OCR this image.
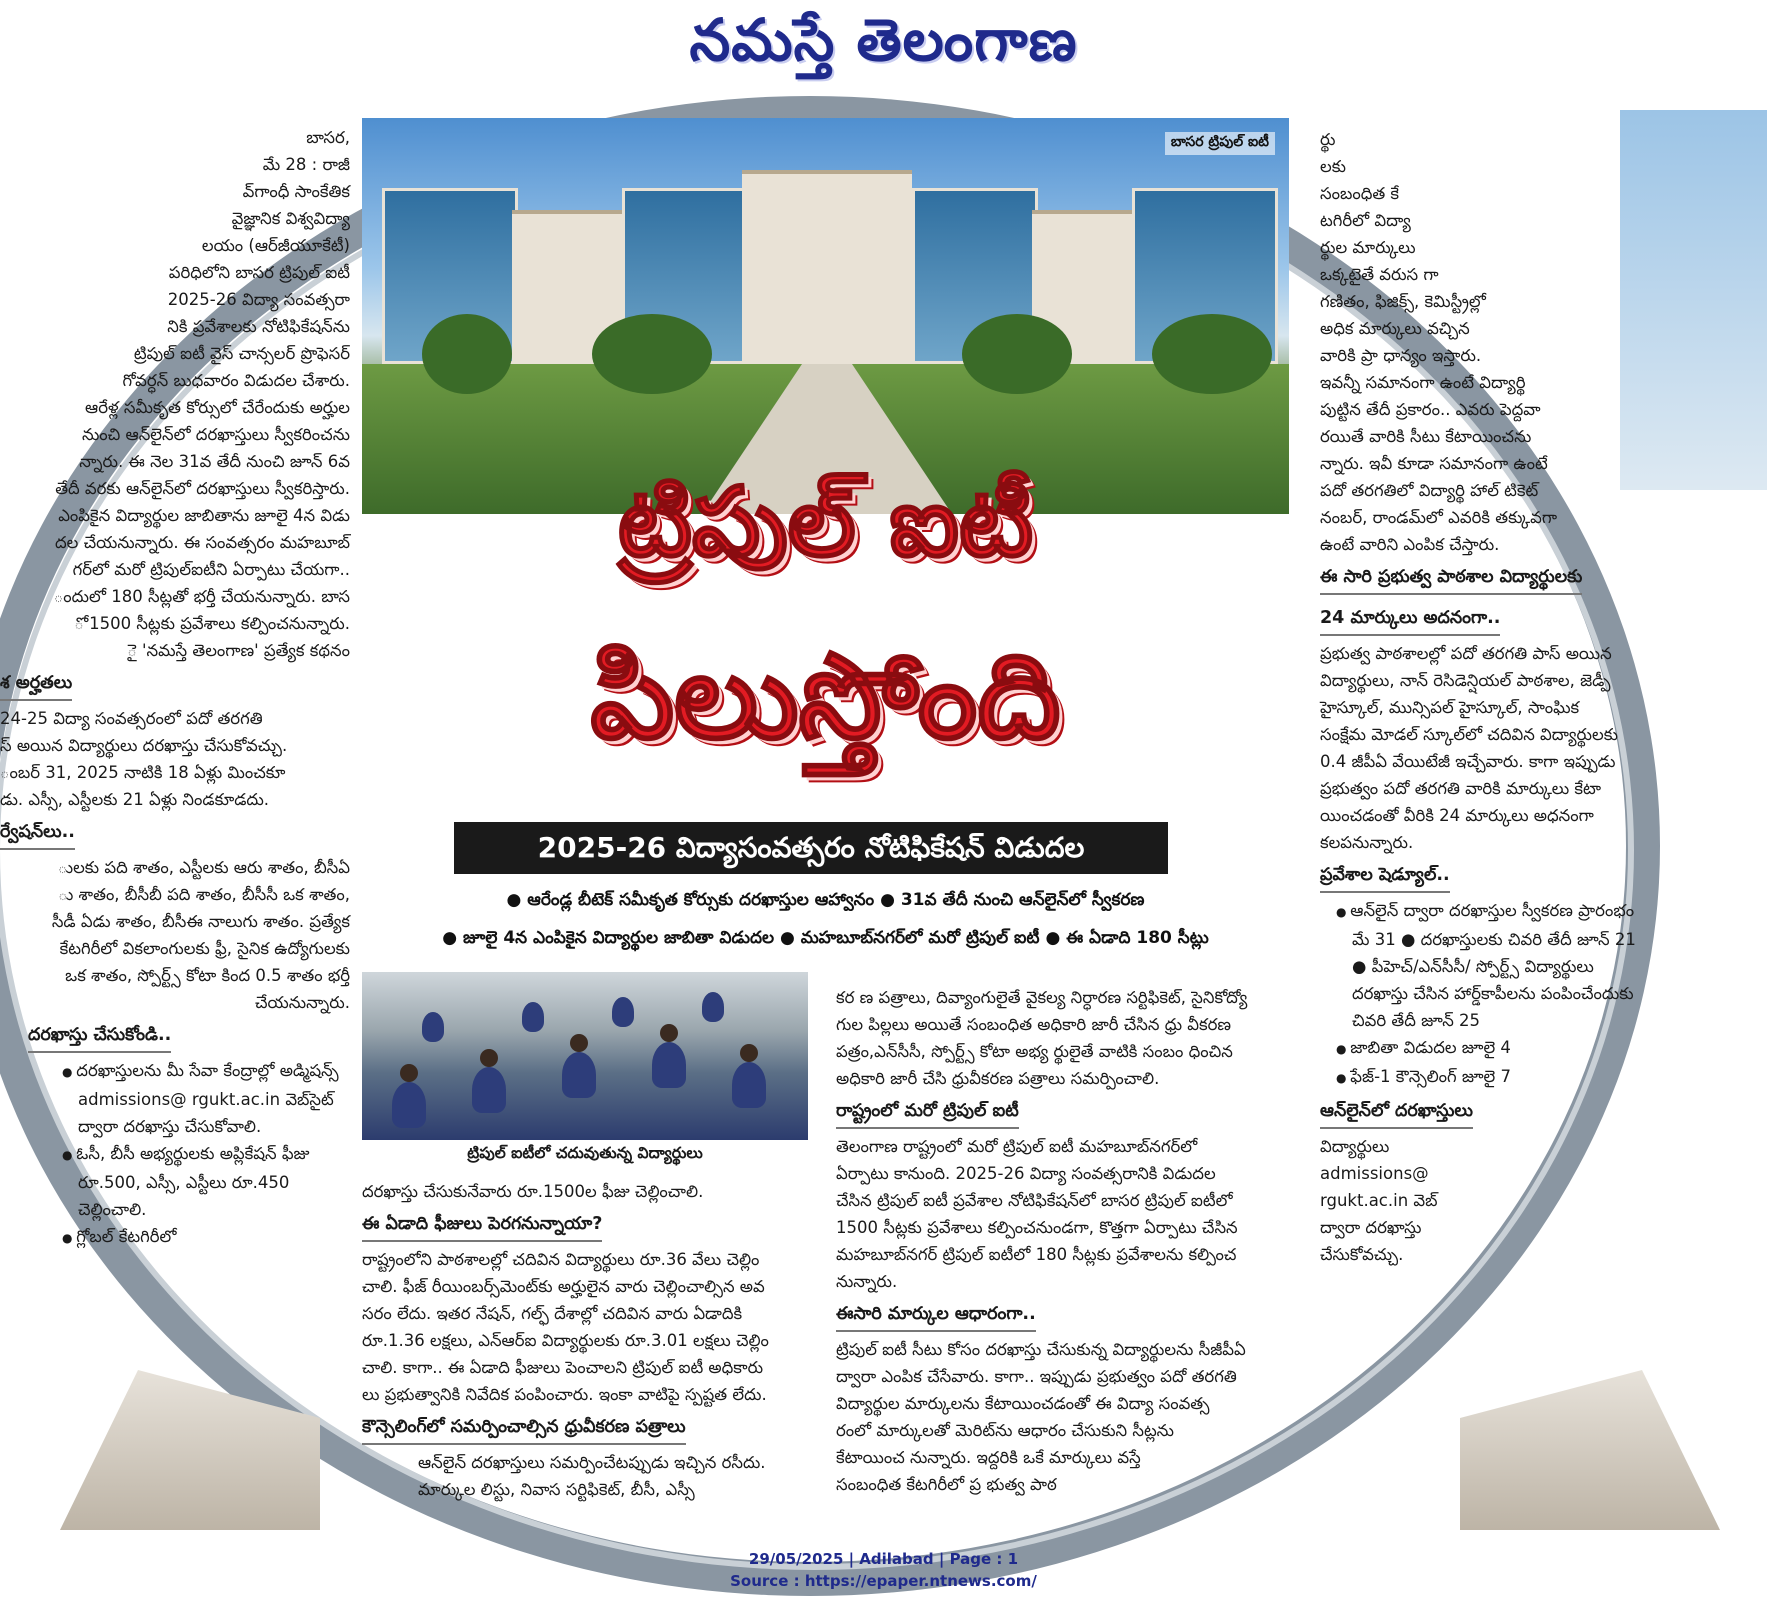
నమస్తే తెలంగాణ
బాసర ట్రిపుల్ ఐటీ
ట్రిపుల్ ఐటీ
పిలుస్తోంది
2025-26 విద్యాసంవత్సరం నోటిఫికేషన్ విడుదల
● ఆరేండ్ల బీటెక్ సమీకృత కోర్సుకు దరఖాస్తుల ఆహ్వానం ● 31వ తేదీ నుంచి ఆన్‌లైన్‌లో స్వీకరణ
● జూలై 4న ఎంపికైన విద్యార్థుల జాబితా విడుదల ● మహబూబ్‌నగర్‌లో మరో ట్రిపుల్ ఐటీ ● ఈ ఏడాది 180 సీట్లు

బాసర,

మే 28 : రాజీ

వ్‌గాంధీ సాంకేతిక

వైజ్ఞానిక విశ్వవిద్యా

లయం (ఆర్‌జీయూకేటీ)

పరిధిలోని బాసర ట్రిపుల్ ఐటీ

2025-26 విద్యా సంవత్సరా

నికి ప్రవేశాలకు నోటిఫికేషన్‌ను

ట్రిపుల్ ఐటీ వైస్ చాన్సలర్ ప్రొఫెసర్

గోవర్ధన్ బుధవారం విడుదల చేశారు.

ఆరేళ్ల సమీకృత కోర్సులో చేరేందుకు అర్హుల

నుంచి ఆన్‌లైన్‌లో దరఖాస్తులు స్వీకరించను

న్నారు. ఈ నెల 31వ తేదీ నుంచి జూన్ 6వ

తేదీ వరకు ఆన్‌లైన్‌లో దరఖాస్తులు స్వీకరిస్తారు.

ఎంపికైన విద్యార్థుల జాబితాను జూలై 4న విడు

దల చేయనున్నారు. ఈ సంవత్సరం మహబూబ్

గర్‌లో మరో ట్రిపుల్‌ఐటీని ఏర్పాటు చేయగా..

ందులో 180 సీట్లతో భర్తీ చేయనున్నారు. బాస

ో 1500 సీట్లకు ప్రవేశాలు కల్పించనున్నారు.

ై 'నమస్తే తెలంగాణ' ప్రత్యేక కథనం

శ అర్హతలు

24-25 విద్యా సంవత్సరంలో పదో తరగతి

స్ అయిన విద్యార్థులు దరఖాస్తు చేసుకోవచ్చు.

ంబర్ 31, 2025 నాటికి 18 ఏళ్లు మించకూ

డు. ఎస్సీ, ఎస్టీలకు 21 ఏళ్లు నిండకూడదు.

ర్వేషన్‌లు..

ులకు పది శాతం, ఎస్టీలకు ఆరు శాతం, బీసీఏ

ు శాతం, బీసీబీ పది శాతం, బీసీసీ ఒక శాతం,

సీడీ ఏడు శాతం, బీసీఈ నాలుగు శాతం. ప్రత్యేక

కేటగిరీలో వికలాంగులకు ఫ్రీ, సైనిక ఉద్యోగులకు

ఒక శాతం, స్పోర్ట్స్ కోటా కింద 0.5 శాతం భర్తీ

చేయనున్నారు.

దరఖాస్తు చేసుకోండి..

● దరఖాస్తులను మీ సేవా కేంద్రాల్లో అడ్మిషన్స్ admissions@ rgukt.ac.in వెబ్‌సైట్ ద్వారా దరఖాస్తు చేసుకోవాలి.

● ఓసీ, బీసీ అభ్యర్థులకు అప్లికేషన్ ఫీజు రూ.500, ఎస్సీ, ఎస్టీలు రూ.450 చెల్లించాలి.

● గ్లోబల్ కేటగిరీలో

ట్రిపుల్ ఐటీలో చదువుతున్న విద్యార్థులు

దరఖాస్తు చేసుకునేవారు రూ.1500ల ఫీజు చెల్లించాలి.

ఈ ఏడాది ఫీజులు పెరగనున్నాయా?

రాష్ట్రంలోని పాఠశాలల్లో చదివిన విద్యార్థులు రూ.36 వేలు చెల్లిం

చాలి. ఫీజ్ రీయింబర్స్‌మెంట్‌కు అర్హులైన వారు చెల్లించాల్సిన అవ

సరం లేదు. ఇతర నేషన్, గల్ఫ్ దేశాల్లో చదివిన వారు ఏడాదికి

రూ.1.36 లక్షలు, ఎన్‌ఆర్‌ఐ విద్యార్థులకు రూ.3.01 లక్షలు చెల్లిం

చాలి. కాగా.. ఈ ఏడాది ఫీజులు పెంచాలని ట్రిపుల్ ఐటీ అధికారు

లు ప్రభుత్వానికి నివేదిక పంపించారు. ఇంకా వాటిపై స్పష్టత లేదు.

కౌన్సెలింగ్‌లో సమర్పించాల్సిన ధ్రువీకరణ పత్రాలు

ఆన్‌లైన్ దరఖాస్తులు సమర్పించేటప్పుడు ఇచ్చిన రసీదు.

మార్కుల లిస్టు, నివాస సర్టిఫికెట్, బీసీ, ఎస్సీ

కర ణ పత్రాలు, దివ్యాంగులైతే వైకల్య నిర్ధారణ సర్టిఫికెట్, సైనికోద్యో

గుల పిల్లలు అయితే సంబంధిత అధికారి జారీ చేసిన ధ్రు వీకరణ

పత్రం,ఎన్‌సీసీ, స్పోర్ట్స్ కోటా అభ్య ర్థులైతే వాటికి సంబం ధించిన

అధికారి జారీ చేసి ధ్రువీకరణ పత్రాలు సమర్పించాలి.

రాష్ట్రంలో మరో ట్రిపుల్ ఐటీ

తెలంగాణ రాష్ట్రంలో మరో ట్రిపుల్ ఐటీ మహబూబ్‌నగర్‌లో

ఏర్పాటు కానుంది. 2025-26 విద్యా సంవత్సరానికి విడుదల

చేసిన ట్రిపుల్ ఐటీ ప్రవేశాల నోటిఫికేషన్‌లో బాసర ట్రిపుల్ ఐటీలో

1500 సీట్లకు ప్రవేశాలు కల్పించనుండగా, కొత్తగా ఏర్పాటు చేసిన

మహబూబ్‌నగర్ ట్రిపుల్ ఐటీలో 180 సీట్లకు ప్రవేశాలను కల్పించ

నున్నారు.

ఈసారి మార్కుల ఆధారంగా..

ట్రిపుల్ ఐటీ సీటు కోసం దరఖాస్తు చేసుకున్న విద్యార్థులను సీజీపీఏ

ద్వారా ఎంపిక చేసేవారు. కాగా.. ఇప్పుడు ప్రభుత్వం పదో తరగతి

విద్యార్థుల మార్కులను కేటాయించడంతో ఈ విద్యా సంవత్స

రంలో మార్కులతో మెరిట్‌ను ఆధారం చేసుకుని సీట్లను

కేటాయించ నున్నారు. ఇద్దరికి ఒకే మార్కులు వస్తే

సంబంధిత కేటగిరీలో ప్ర భుత్వ పాఠ

ర్థు

లకు

సంబంధిత కే

టగిరీలో విద్యా

ర్థుల మార్కులు

ఒక్కటైతే వరుస గా

గణితం, ఫిజిక్స్, కెమిస్ట్రీల్లో

అధిక మార్కులు వచ్చిన

వారికి ప్రా ధాన్యం ఇస్తారు.

ఇవన్నీ సమానంగా ఉంటే విద్యార్థి

పుట్టిన తేదీ ప్రకారం.. ఎవరు పెద్దవా

రయితే వారికి సీటు కేటాయించను

న్నారు. ఇవీ కూడా సమానంగా ఉంటే

పదో తరగతిలో విద్యార్థి హాల్ టికెట్

నంబర్, రాండమ్‌లో ఎవరికి తక్కువగా

ఉంటే వారిని ఎంపిక చేస్తారు.

ఈ సారి ప్రభుత్వ పాఠశాల విద్యార్థులకు
24 మార్కులు అదనంగా..

ప్రభుత్వ పాఠశాలల్లో పదో తరగతి పాస్ అయిన

విద్యార్థులు, నాన్ రెసిడెన్షియల్ పాఠశాల, జెడ్పీ

హైస్కూల్, మున్సిపల్ హైస్కూల్, సాంఘిక

సంక్షేమ మోడల్ స్కూల్‌లో చదివిన విద్యార్థులకు

0.4 జీపీఏ వేయిటేజీ ఇచ్చేవారు. కాగా ఇప్పుడు

ప్రభుత్వం పదో తరగతి వారికి మార్కులు కేటా

యించడంతో వీరికి 24 మార్కులు అధనంగా

కలపనున్నారు.

ప్రవేశాల షెడ్యూల్..

● ఆన్‌లైన్ ద్వారా దరఖాస్తుల స్వీకరణ ప్రారంభం మే 31 ● దరఖాస్తులకు చివరి తేదీ జూన్ 21 ● పీహెచ్/ఎన్‌సీసీ/ స్పోర్ట్స్ విద్యార్థులు దరఖాస్తు చేసిన హార్డ్‌కాపీలను పంపించేందుకు చివరి తేదీ జూన్ 25

● జాబితా విడుదల జూలై 4

● ఫేజ్-1 కౌన్సెలింగ్ జూలై 7

ఆన్‌లైన్‌లో దరఖాస్తులు

విద్యార్థులు

admissions@

rgukt.ac.in వెబ్

ద్వారా దరఖాస్తు

చేసుకోవచ్చు.

29/05/2025 | Adilabad | Page : 1
Source : https://epaper.ntnews.com/
